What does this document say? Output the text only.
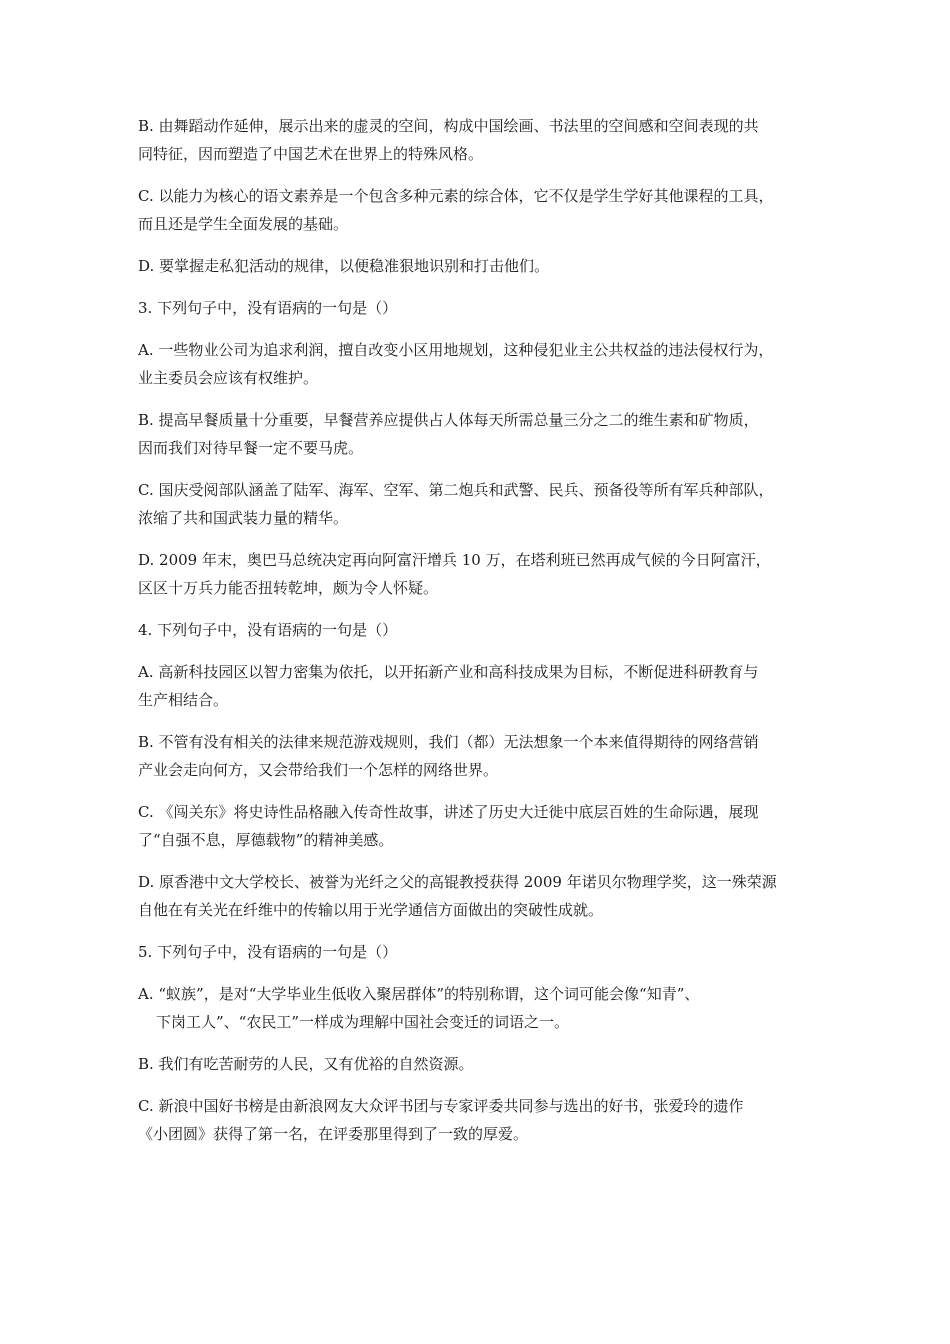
B. 由舞蹈动作延伸，展示出来的虚灵的空间，构成中国绘画、书法里的空间感和空间表现的共
同特征，因而塑造了中国艺术在世界上的特殊风格。
C. 以能力为核心的语文素养是一个包含多种元素的综合体，它不仅是学生学好其他课程的工具，
而且还是学生全面发展的基础。
D. 要掌握走私犯活动的规律，以便稳准狠地识别和打击他们。
3. 下列句子中，没有语病的一句是（）
A. 一些物业公司为追求利润，擅自改变小区用地规划，这种侵犯业主公共权益的违法侵权行为，
业主委员会应该有权维护。
B. 提高早餐质量十分重要，早餐营养应提供占人体每天所需总量三分之二的维生素和矿物质，
因而我们对待早餐一定不要马虎。
C. 国庆受阅部队涵盖了陆军、海军、空军、第二炮兵和武警、民兵、预备役等所有军兵种部队，
浓缩了共和国武装力量的精华。
D. 2009 年末，奥巴马总统决定再向阿富汗增兵 10 万，在塔利班已然再成气候的今日阿富汗，
区区十万兵力能否扭转乾坤，颇为令人怀疑。
4. 下列句子中，没有语病的一句是（）
A. 高新科技园区以智力密集为依托，以开拓新产业和高科技成果为目标，不断促进科研教育与
生产相结合。
B. 不管有没有相关的法律来规范游戏规则，我们（都）无法想象一个本来值得期待的网络营销
产业会走向何方，又会带给我们一个怎样的网络世界。
C. 《闯关东》将史诗性品格融入传奇性故事，讲述了历史大迁徙中底层百姓的生命际遇，展现
了“自强不息，厚德载物”的精神美感。
D. 原香港中文大学校长、被誉为光纤之父的高锟教授获得 2009 年诺贝尔物理学奖，这一殊荣源
自他在有关光在纤维中的传输以用于光学通信方面做出的突破性成就。
5. 下列句子中，没有语病的一句是（）
A. “蚁族”，是对“大学毕业生低收入聚居群体”的特别称谓，这个词可能会像“知青”、
下岗工人”、“农民工”一样成为理解中国社会变迁的词语之一。
B. 我们有吃苦耐劳的人民，又有优裕的自然资源。
C. 新浪中国好书榜是由新浪网友大众评书团与专家评委共同参与选出的好书，张爱玲的遗作
《小团圆》获得了第一名，在评委那里得到了一致的厚爱。
